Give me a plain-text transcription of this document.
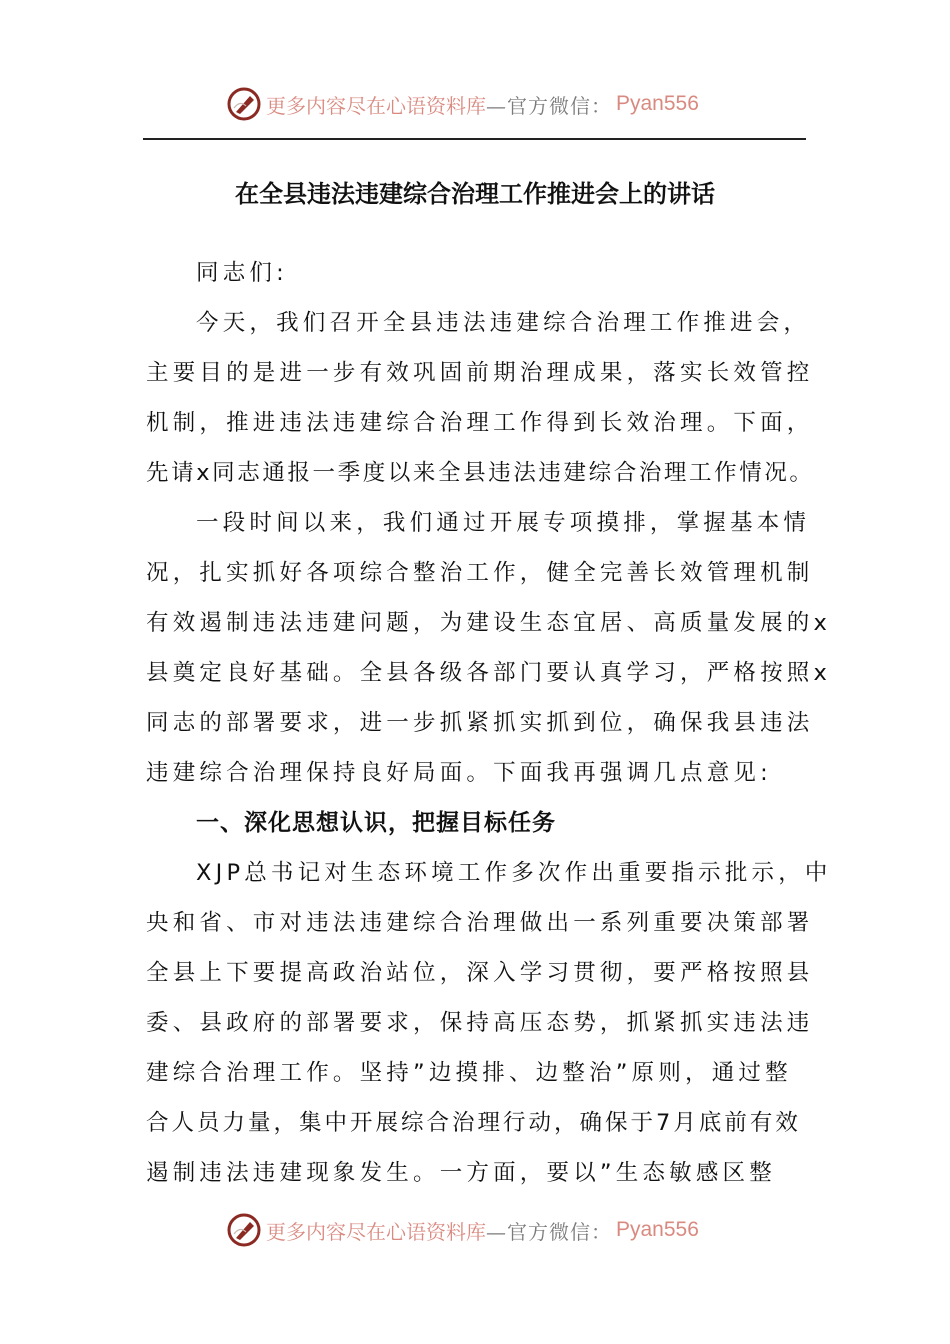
更多内容尽在心语资料库 —官方微信： Pyan556
在全县违法违建综合治理工作推进会上的讲话
同志们:
今天，我们召开全县违法违建综合治理工作推进会，
主要目的是进一步有效巩固前期治理成果，落实长效管控
机制，推进违法违建综合治理工作得到长效治理。下面，
先请x同志通报一季度以来全县违法违建综合治理工作情况。
一段时间以来，我们通过开展专项摸排，掌握基本情
况，扎实抓好各项综合整治工作，健全完善长效管理机制
有效遏制违法违建问题，为建设生态宜居、高质量发展的x
县奠定良好基础。全县各级各部门要认真学习，严格按照x
同志的部署要求，进一步抓紧抓实抓到位，确保我县违法
违建综合治理保持良好局面。下面我再强调几点意见:
一、深化思想认识，把握目标任务
XJP总书记对生态环境工作多次作出重要指示批示，中
央和省、市对违法违建综合治理做出一系列重要决策部署
全县上下要提高政治站位，深入学习贯彻，要严格按照县
委、县政府的部署要求，保持高压态势，抓紧抓实违法违
建综合治理工作。坚持”边摸排、边整治”原则，通过整
合人员力量，集中开展综合治理行动，确保于7月底前有效
遏制违法违建现象发生。一方面，要以”生态敏感区整
更多内容尽在心语资料库 —官方微信： Pyan556
